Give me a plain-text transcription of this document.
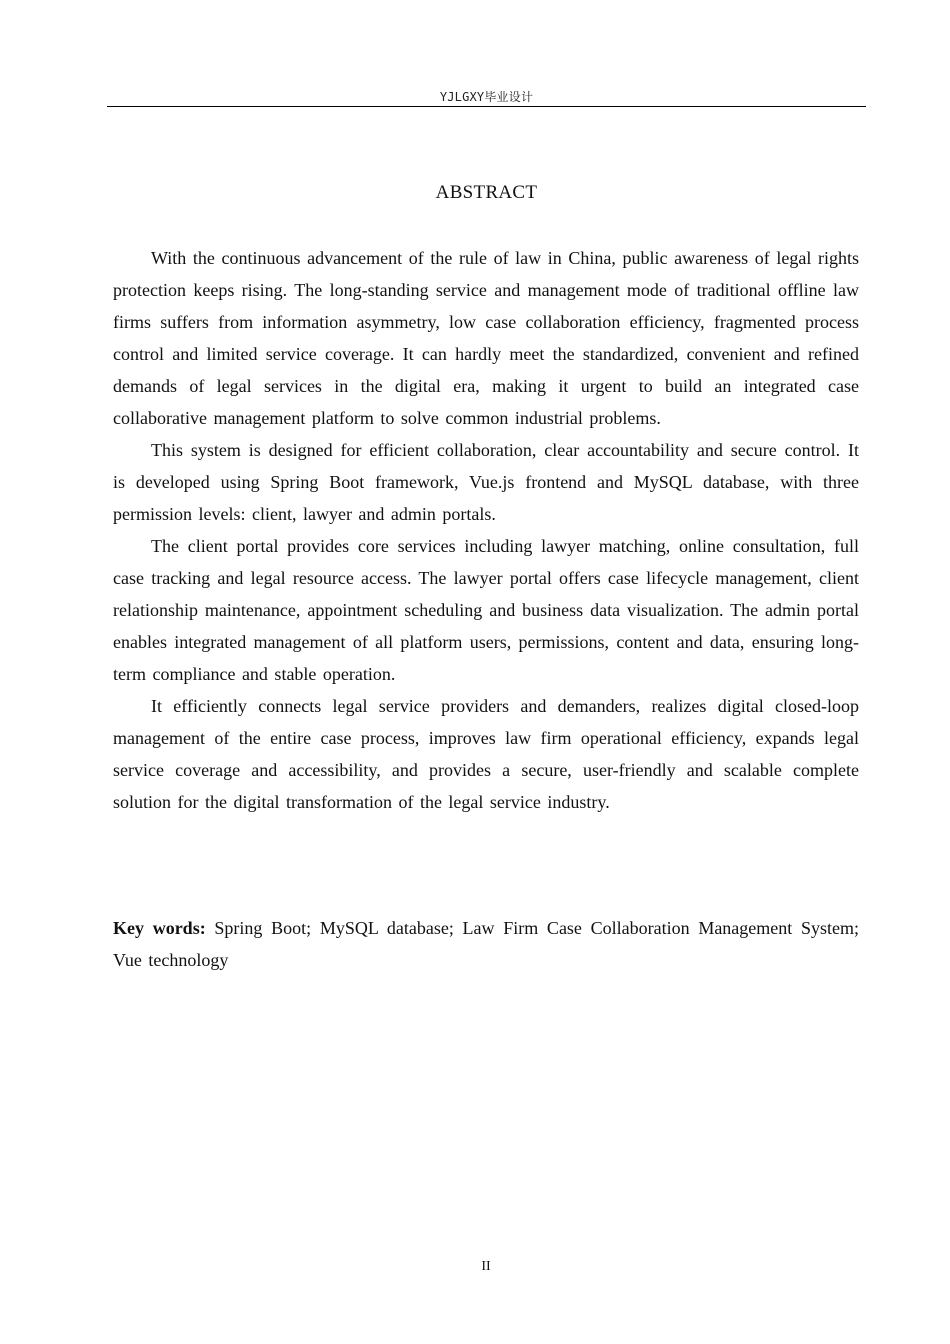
YJLGXY毕业设计
ABSTRACT

With the continuous advancement of the rule of law in China, public awareness of legal rights protection keeps rising. The long-standing service and management mode of traditional offline law firms suffers from information asymmetry, low case collaboration efficiency, fragmented process control and limited service coverage. It can hardly meet the standardized, convenient and refined demands of legal services in the digital era, making it urgent to build an integrated case collaborative management platform to solve common industrial problems.

This system is designed for efficient collaboration, clear accountability and secure control. It is developed using Spring Boot framework, Vue.js frontend and MySQL database, with three permission levels: client, lawyer and admin portals.

The client portal provides core services including lawyer matching, online consultation, full case tracking and legal resource access. The lawyer portal offers case lifecycle management, client relationship maintenance, appointment scheduling and business data visualization. The admin portal enables integrated management of all platform users, permissions, content and data, ensuring long-term compliance and stable operation.

It efficiently connects legal service providers and demanders, realizes digital closed-loop management of the entire case process, improves law firm operational efficiency, expands legal service coverage and accessibility, and provides a secure, user-friendly and scalable complete solution for the digital transformation of the legal service industry.

Key words: Spring Boot; MySQL database; Law Firm Case Collaboration Management System; Vue technology
II
